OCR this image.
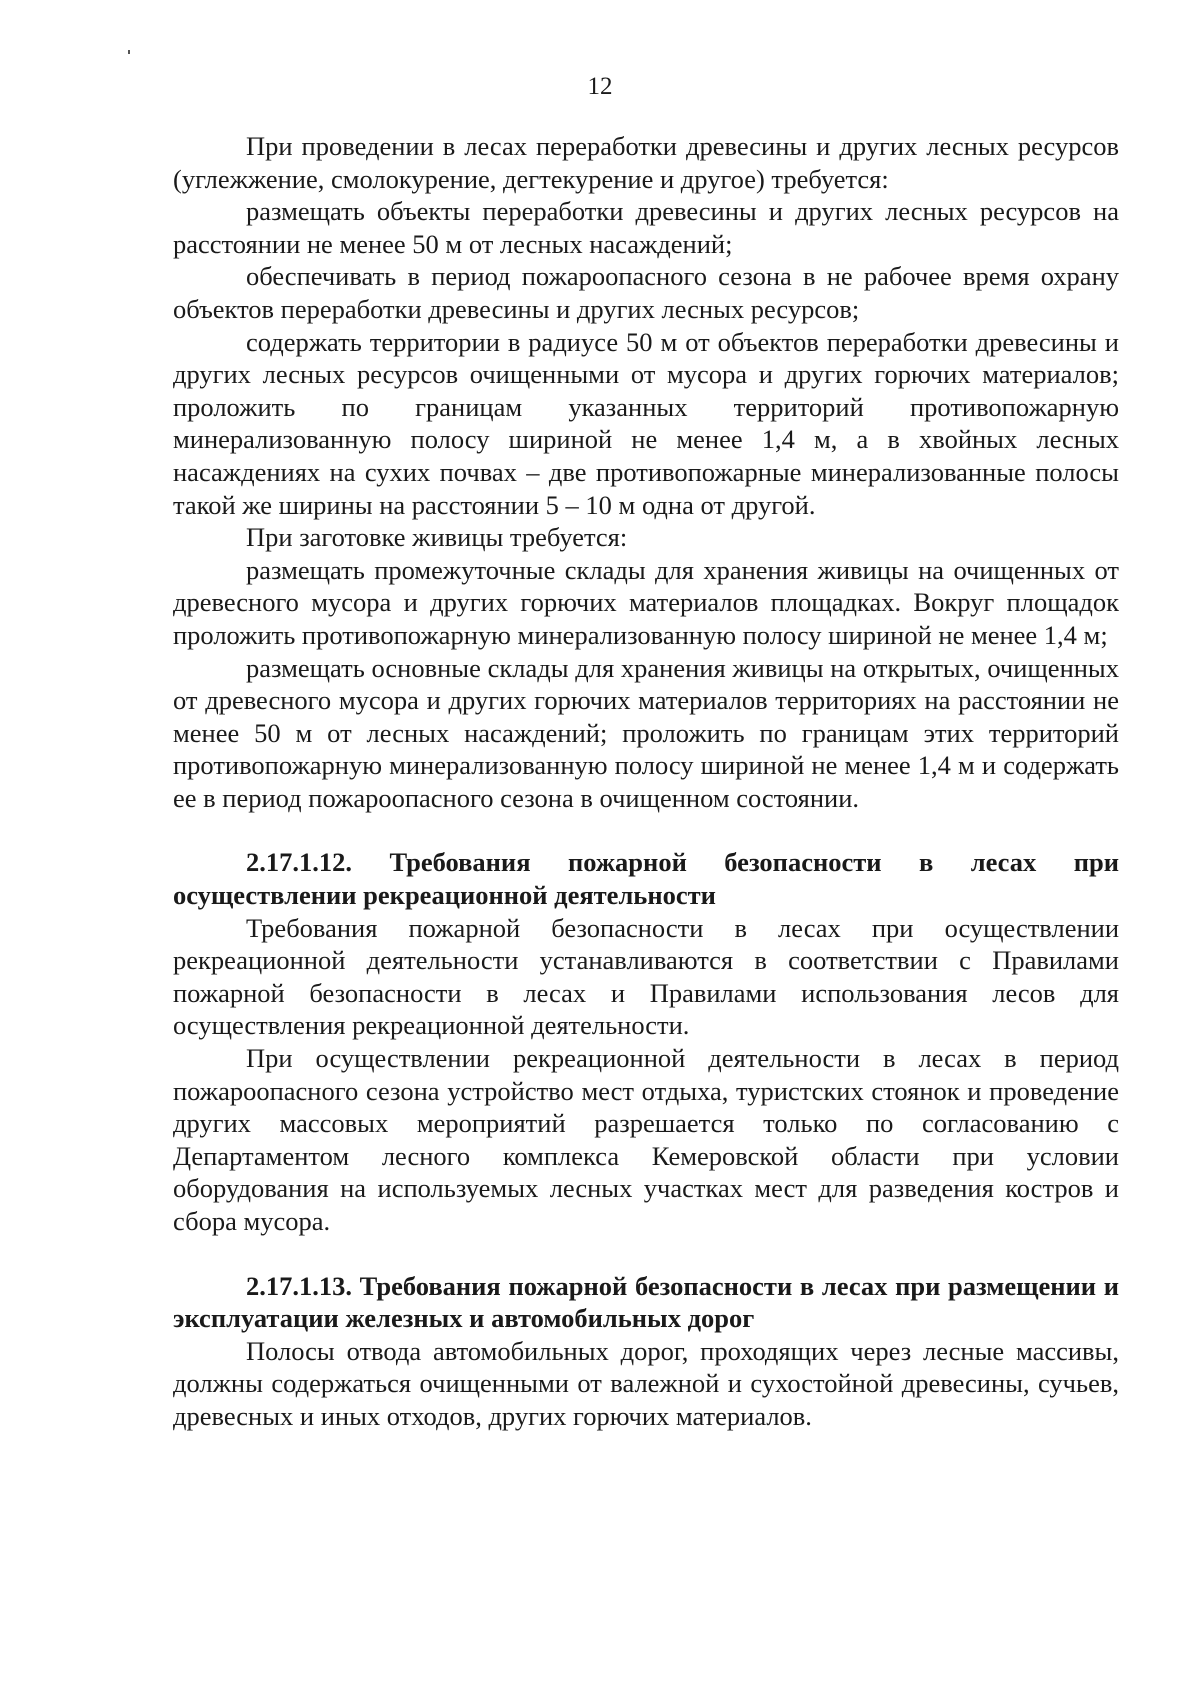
12

При проведении в лесах переработки древесины и других лесных ресурсов (углежжение, смолокурение, дегтекурение и другое) требуется:

размещать объекты переработки древесины и других лесных ресурсов на расстоянии не менее 50 м от лесных насаждений;

обеспечивать в период пожароопасного сезона в не рабочее время охрану объектов переработки древесины и других лесных ресурсов;

содержать территории в радиусе 50 м от объектов переработки древесины и других лесных ресурсов очищенными от мусора и других горючих материалов; проложить по границам указанных территорий противопожарную минерализованную полосу шириной не менее 1,4 м, а в хвойных лесных насаждениях на сухих почвах – две противопожарные минерализованные полосы такой же ширины на расстоянии 5 – 10 м одна от другой.

При заготовке живицы требуется:

размещать промежуточные склады для хранения живицы на очищенных от древесного мусора и других горючих материалов площадках. Вокруг площадок проложить противопожарную минерализованную полосу шириной не менее 1,4 м;

размещать основные склады для хранения живицы на открытых, очищенных от древесного мусора и других горючих материалов территориях на расстоянии не менее 50 м от лесных насаждений; проложить по границам этих территорий противопожарную минерализованную полосу шириной не менее 1,4 м и содержать ее в период пожароопасного сезона в очищенном состоянии.

2.17.1.12. Требования пожарной безопасности в лесах при осуществлении рекреационной деятельности

Требования пожарной безопасности в лесах при осуществлении рекреационной деятельности устанавливаются в соответствии с Правилами пожарной безопасности в лесах и Правилами использования лесов для осуществления рекреационной деятельности.

При осуществлении рекреационной деятельности в лесах в период пожароопасного сезона устройство мест отдыха, туристских стоянок и проведение других массовых мероприятий разрешается только по согласованию с Департаментом лесного комплекса Кемеровской области при условии оборудования на используемых лесных участках мест для разведения костров и сбора мусора.

2.17.1.13. Требования пожарной безопасности в лесах при размещении и эксплуатации железных и автомобильных дорог

Полосы отвода автомобильных дорог, проходящих через лесные массивы, должны содержаться очищенными от валежной и сухостойной древесины, сучьев, древесных и иных отходов, других горючих материалов.
